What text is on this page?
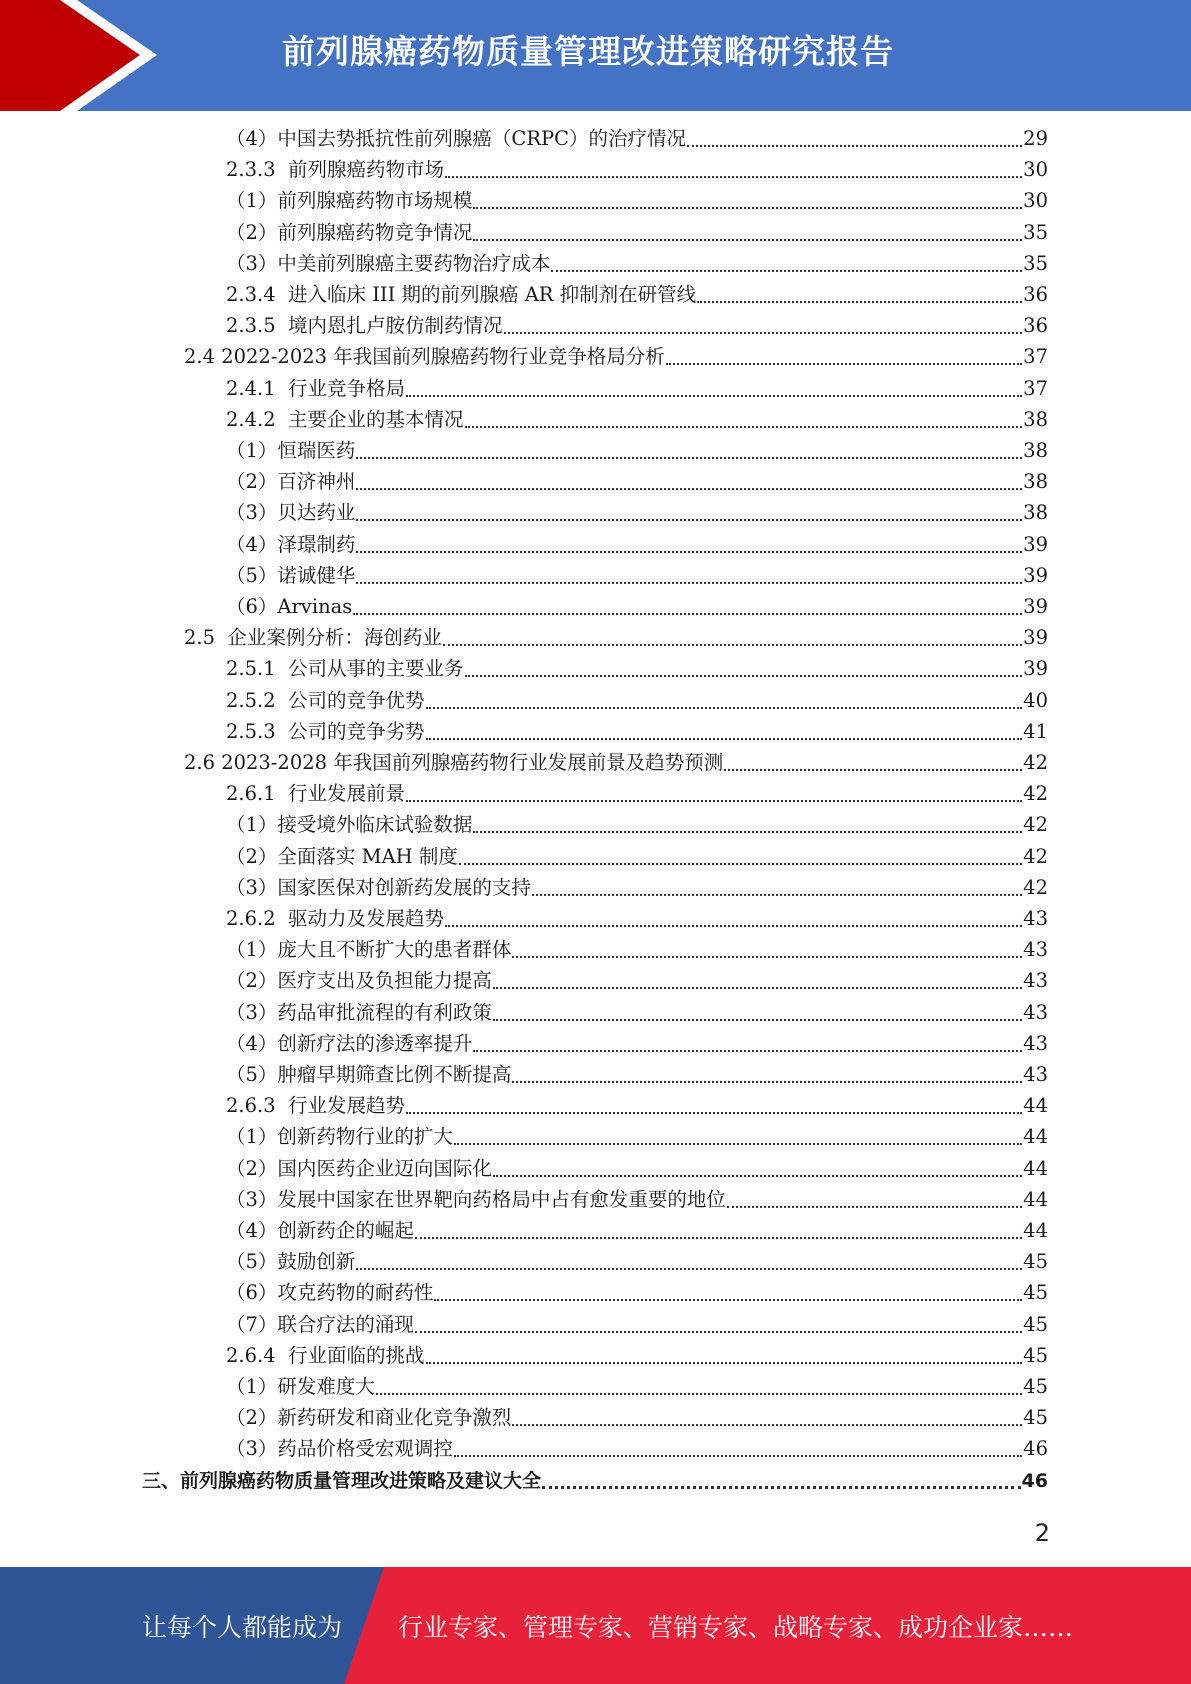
前列腺癌药物质量管理改进策略研究报告
（4）中国去势抵抗性前列腺癌（CRPC）的治疗情况	29
2.3.3  前列腺癌药物市场	30
（1）前列腺癌药物市场规模	30
（2）前列腺癌药物竞争情况	35
（3）中美前列腺癌主要药物治疗成本	35
2.3.4  进入临床 III 期的前列腺癌 AR 抑制剂在研管线	36
2.3.5  境内恩扎卢胺仿制药情况	36
2.4 2022-2023 年我国前列腺癌药物行业竞争格局分析	37
2.4.1  行业竞争格局	37
2.4.2  主要企业的基本情况	38
（1）恒瑞医药	38
（2）百济神州	38
（3）贝达药业	38
（4）泽璟制药	39
（5）诺诚健华	39
（6）Arvinas	39
2.5  企业案例分析：海创药业	39
2.5.1  公司从事的主要业务	39
2.5.2  公司的竞争优势	40
2.5.3  公司的竞争劣势	41
2.6 2023-2028 年我国前列腺癌药物行业发展前景及趋势预测	42
2.6.1  行业发展前景	42
（1）接受境外临床试验数据	42
（2）全面落实 MAH 制度	42
（3）国家医保对创新药发展的支持	42
2.6.2  驱动力及发展趋势	43
（1）庞大且不断扩大的患者群体	43
（2）医疗支出及负担能力提高	43
（3）药品审批流程的有利政策	43
（4）创新疗法的渗透率提升	43
（5）肿瘤早期筛查比例不断提高	43
2.6.3  行业发展趋势	44
（1）创新药物行业的扩大	44
（2）国内医药企业迈向国际化	44
（3）发展中国家在世界靶向药格局中占有愈发重要的地位	44
（4）创新药企的崛起	44
（5）鼓励创新	45
（6）攻克药物的耐药性	45
（7）联合疗法的涌现	45
2.6.4  行业面临的挑战	45
（1）研发难度大	45
（2）新药研发和商业化竞争激烈	45
（3）药品价格受宏观调控	46
三、前列腺癌药物质量管理改进策略及建议大全	46
2
让每个人都能成为 行业专家、管理专家、营销专家、战略专家、成功企业家……
